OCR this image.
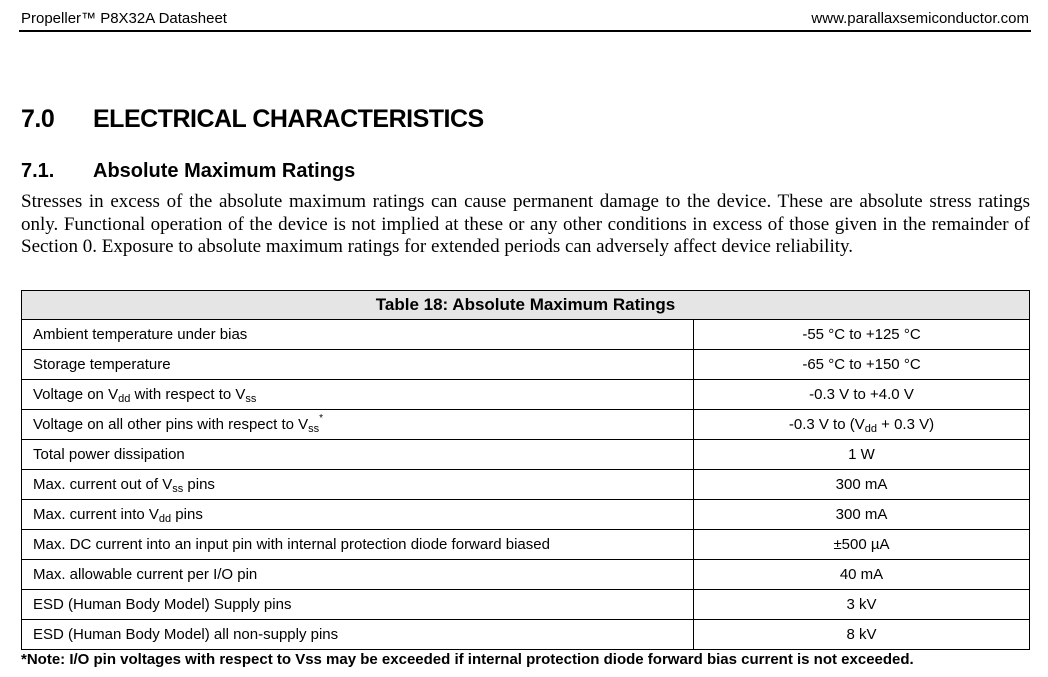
Propeller™ P8X32A Datasheet	www.parallaxsemiconductor.com
7.0 ELECTRICAL CHARACTERISTICS
7.1. Absolute Maximum Ratings
Stresses in excess of the absolute maximum ratings can cause permanent damage to the device. These are absolute stress ratings only. Functional operation of the device is not implied at these or any other conditions in excess of those given in the remainder of Section 0. Exposure to absolute maximum ratings for extended periods can adversely affect device reliability.
Table 18: Absolute Maximum Ratings	
Ambient temperature under bias	-55 °C to +125 °C
Storage temperature	-65 °C to +150 °C
Voltage on $V_{dd}$ with respect to $V_{ss}$	-0.3 V to +4.0 V
Voltage on all other pins with respect to $V_{ss}^*$	-0.3 V to ($V_{dd} + 0.3$ V)
Total power dissipation	1 W
Max. current out of $V_{ss}$ pins	300 mA
Max. current into $V_{dd}$ pins	300 mA
Max. DC current into an input pin with internal protection diode forward biased	±500 µA
Max. allowable current per I/O pin	40 mA
ESD (Human Body Model) Supply pins	3 kV
ESD (Human Body Model) all non-supply pins	8 kV
*Note: I/O pin voltages with respect to Vss may be exceeded if internal protection diode forward bias current is not exceeded.
